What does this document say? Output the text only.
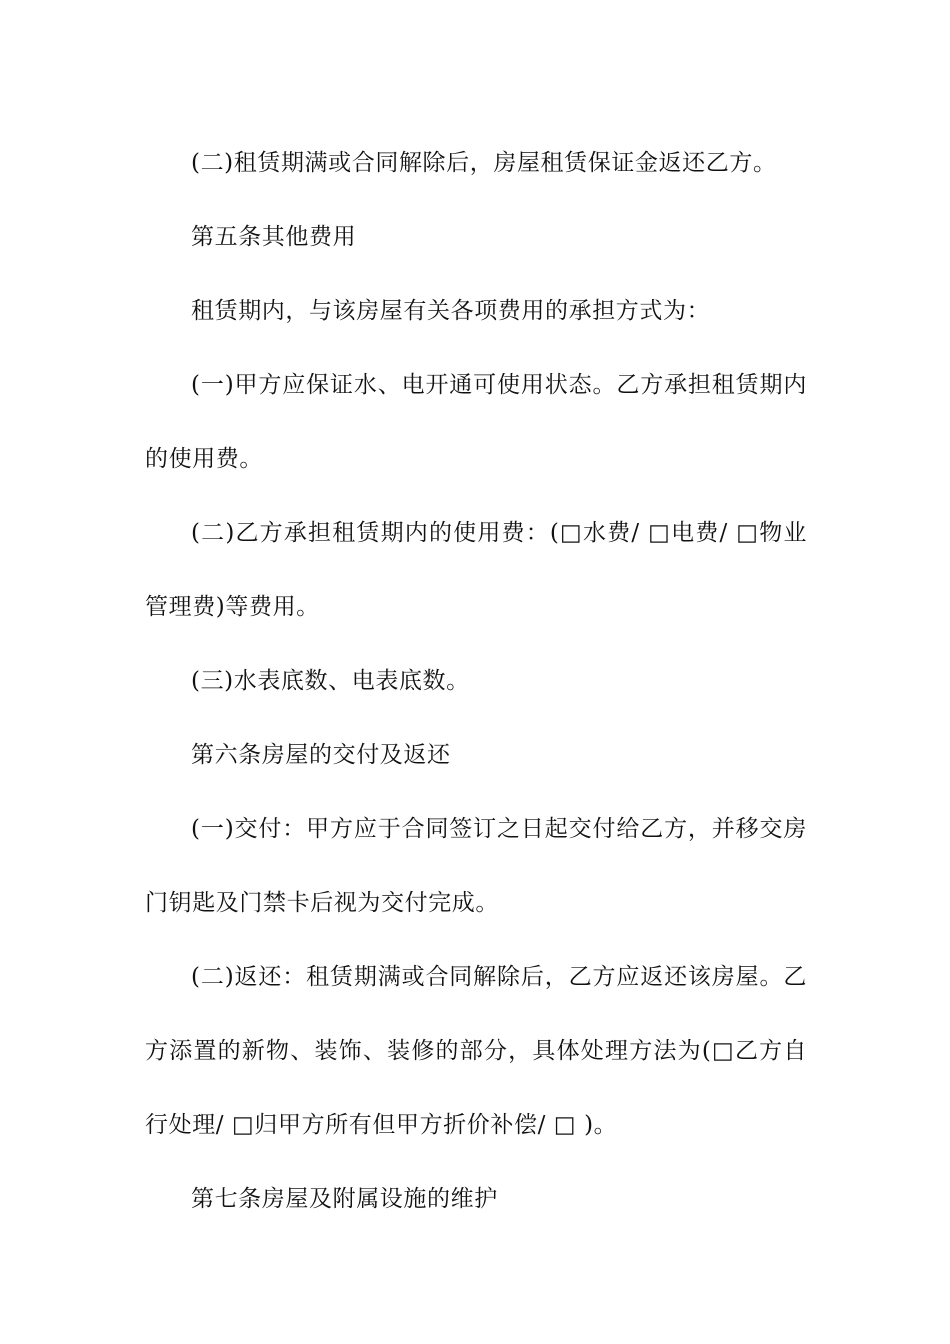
(二)租赁期满或合同解除后，房屋租赁保证金返还乙方。

第五条其他费用

租赁期内，与该房屋有关各项费用的承担方式为：

(一)甲方应保证水、电开通可使用状态。乙方承担租赁期内的使用费。

(二)乙方承担租赁期内的使用费：(□水费/ □电费/ □物业管理费)等费用。

(三)水表底数、电表底数。

第六条房屋的交付及返还

(一)交付：甲方应于合同签订之日起交付给乙方，并移交房门钥匙及门禁卡后视为交付完成。

(二)返还：租赁期满或合同解除后，乙方应返还该房屋。乙方添置的新物、装饰、装修的部分，具体处理方法为(□乙方自行处理/ □归甲方所有但甲方折价补偿/ □ )。

第七条房屋及附属设施的维护
